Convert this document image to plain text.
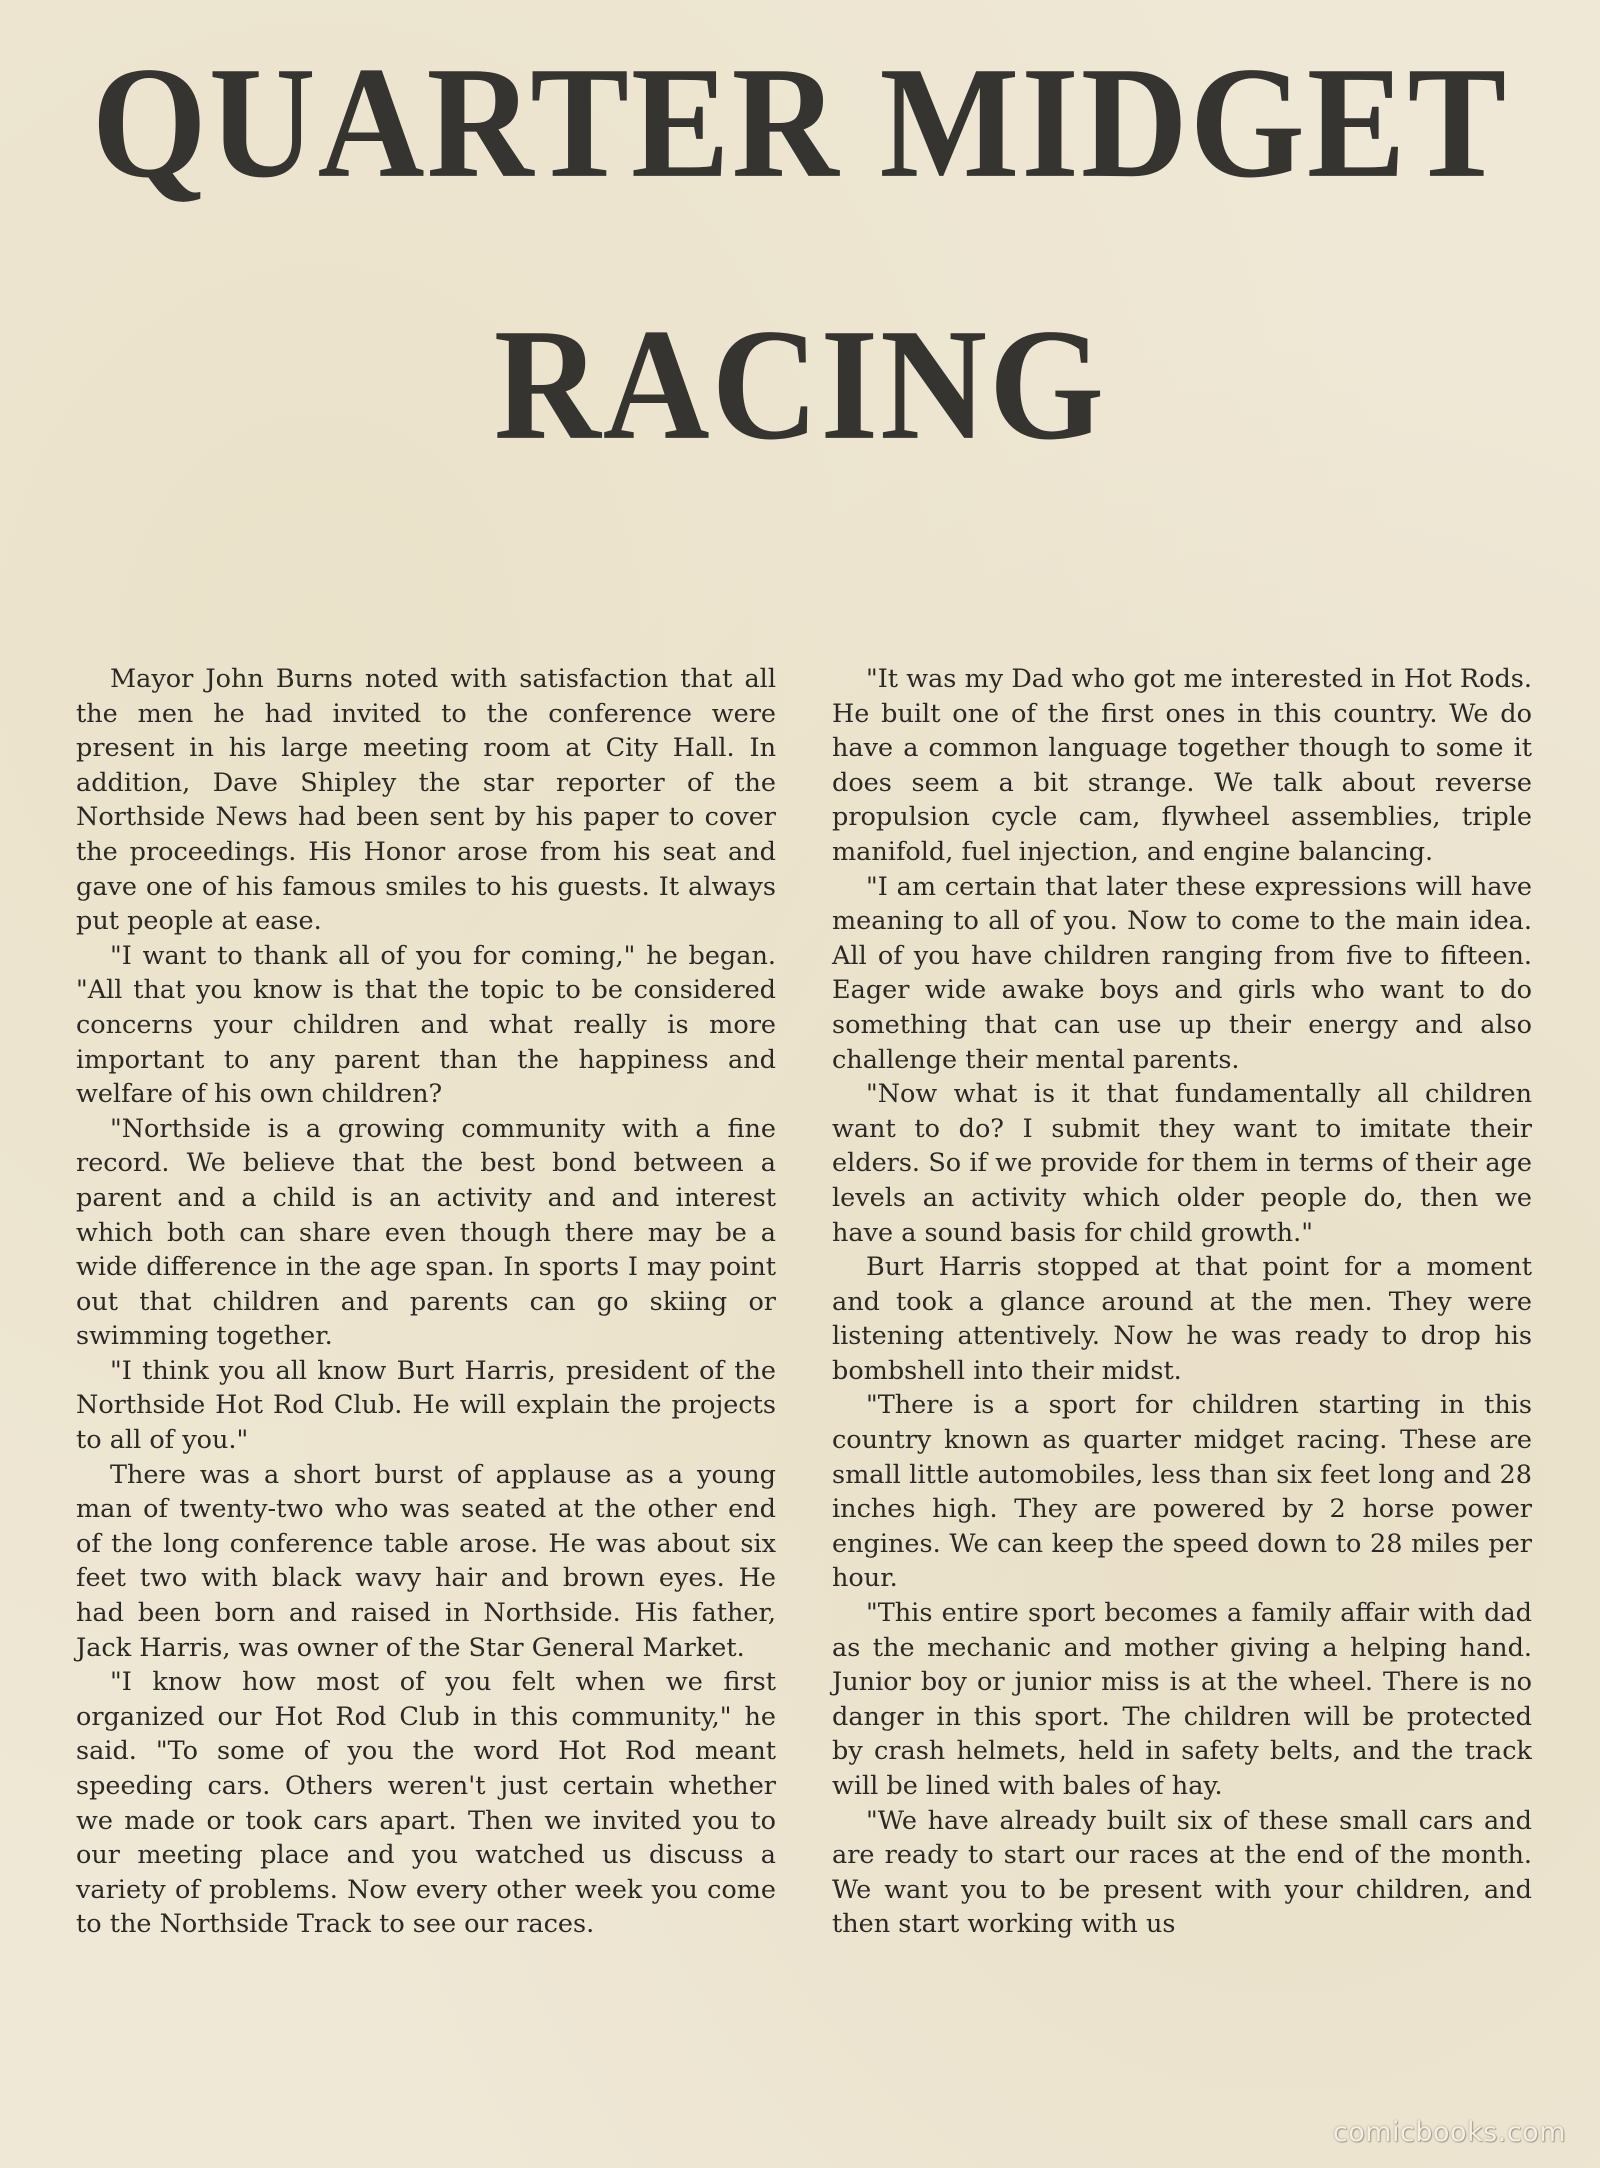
QUARTER MIDGET
RACING

Mayor John Burns noted with satisfaction that all the men he had invited to the conference were present in his large meeting room at City Hall. In addition, Dave Shipley the star reporter of the Northside News had been sent by his paper to cover the proceedings. His Honor arose from his seat and gave one of his famous smiles to his guests. It always put people at ease.

"I want to thank all of you for coming," he began. "All that you know is that the topic to be considered concerns your children and what really is more important to any parent than the happiness and welfare of his own children?

"Northside is a growing community with a fine record. We believe that the best bond between a parent and a child is an activity and and interest which both can share even though there may be a wide difference in the age span. In sports I may point out that children and parents can go skiing or swimming together.

"I think you all know Burt Harris, president of the Northside Hot Rod Club. He will explain the projects to all of you."

There was a short burst of applause as a young man of twenty-two who was seated at the other end of the long conference table arose. He was about six feet two with black wavy hair and brown eyes. He had been born and raised in Northside. His father, Jack Harris, was owner of the Star General Market.

"I know how most of you felt when we first organized our Hot Rod Club in this community," he said. "To some of you the word Hot Rod meant speeding cars. Others weren't just certain whether we made or took cars apart. Then we invited you to our meeting place and you watched us discuss a variety of problems. Now every other week you come to the Northside Track to see our races.

"It was my Dad who got me interested in Hot Rods. He built one of the first ones in this country. We do have a common language together though to some it does seem a bit strange. We talk about reverse propulsion cycle cam, flywheel assemblies, triple manifold, fuel injection, and engine balancing.

"I am certain that later these expressions will have meaning to all of you. Now to come to the main idea. All of you have children ranging from five to fifteen. Eager wide awake boys and girls who want to do something that can use up their energy and also challenge their mental parents.

"Now what is it that fundamentally all children want to do? I submit they want to imitate their elders. So if we provide for them in terms of their age levels an activity which older people do, then we have a sound basis for child growth."

Burt Harris stopped at that point for a moment and took a glance around at the men. They were listening attentively. Now he was ready to drop his bombshell into their midst.

"There is a sport for children starting in this country known as quarter midget racing. These are small little automobiles, less than six feet long and 28 inches high. They are powered by 2 horse power engines. We can keep the speed down to 28 miles per hour.

"This entire sport becomes a family affair with dad as the mechanic and mother giving a helping hand. Junior boy or junior miss is at the wheel. There is no danger in this sport. The children will be protected by crash helmets, held in safety belts, and the track will be lined with bales of hay.

"We have already built six of these small cars and are ready to start our races at the end of the month. We want you to be present with your children, and then start working with us

comicbooks.com
